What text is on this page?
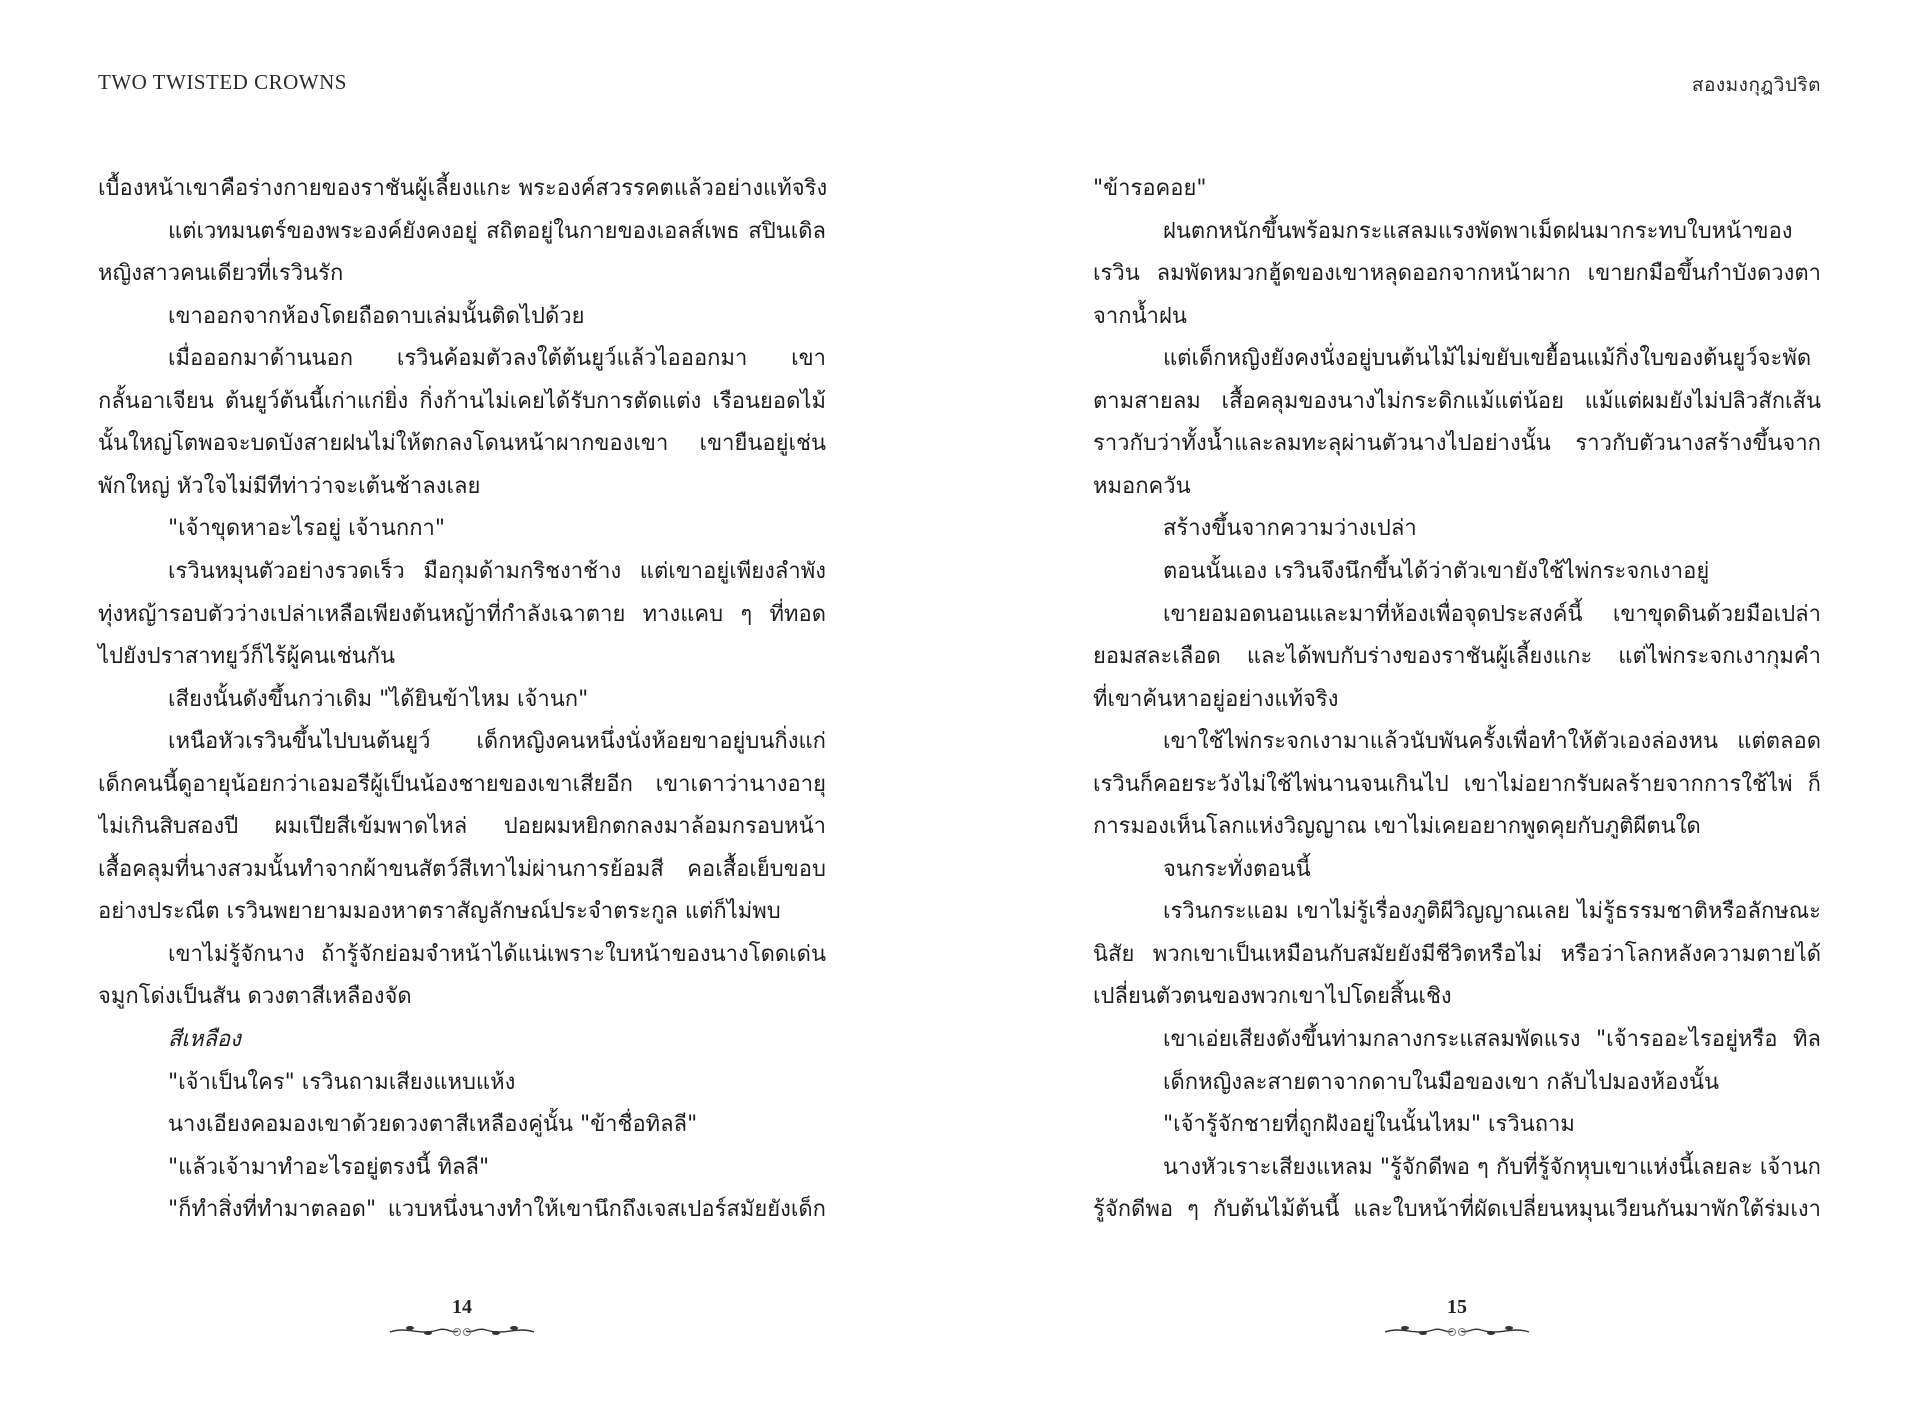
TWO TWISTED CROWNS
เบื้องหน้าเขาคือร่างกายของราชันผู้เลี้ยงแกะ พระองค์สวรรคตแล้วอย่างแท้จริง
แต่เวทมนตร์ของพระองค์ยังคงอยู่ สถิตอยู่ในกายของเอลส์เพธ สปินเดิล
หญิงสาวคนเดียวที่เรวินรัก
เขาออกจากห้องโดยถือดาบเล่มนั้นติดไปด้วย
เมื่อออกมาด้านนอก เรวินค้อมตัวลงใต้ต้นยูว์แล้วไอออกมา เขา
กลั้นอาเจียน ต้นยูว์ต้นนี้เก่าแก่ยิ่ง กิ่งก้านไม่เคยได้รับการตัดแต่ง เรือนยอดไม้
นั้นใหญ่โตพอจะบดบังสายฝนไม่ให้ตกลงโดนหน้าผากของเขา เขายืนอยู่เช่น
พักใหญ่ หัวใจไม่มีทีท่าว่าจะเต้นช้าลงเลย
"เจ้าขุดหาอะไรอยู่ เจ้านกกา"
เรวินหมุนตัวอย่างรวดเร็ว มือกุมด้ามกริชงาช้าง แต่เขาอยู่เพียงลำพัง
ทุ่งหญ้ารอบตัวว่างเปล่าเหลือเพียงต้นหญ้าที่กำลังเฉาตาย ทางแคบ ๆ ที่ทอด
ไปยังปราสาทยูว์ก็ไร้ผู้คนเช่นกัน
เสียงนั้นดังขึ้นกว่าเดิม "ได้ยินข้าไหม เจ้านก"
เหนือหัวเรวินขึ้นไปบนต้นยูว์ เด็กหญิงคนหนึ่งนั่งห้อยขาอยู่บนกิ่งแก่
เด็กคนนี้ดูอายุน้อยกว่าเอมอรีผู้เป็นน้องชายของเขาเสียอีก เขาเดาว่านางอายุ
ไม่เกินสิบสองปี ผมเปียสีเข้มพาดไหล่ ปอยผมหยิกตกลงมาล้อมกรอบหน้า
เสื้อคลุมที่นางสวมนั้นทำจากผ้าขนสัตว์สีเทาไม่ผ่านการย้อมสี คอเสื้อเย็บขอบ
อย่างประณีต เรวินพยายามมองหาตราสัญลักษณ์ประจำตระกูล แต่ก็ไม่พบ
เขาไม่รู้จักนาง ถ้ารู้จักย่อมจำหน้าได้แน่เพราะใบหน้าของนางโดดเด่น
จมูกโด่งเป็นสัน ดวงตาสีเหลืองจัด
สีเหลือง
"เจ้าเป็นใคร" เรวินถามเสียงแหบแห้ง
นางเอียงคอมองเขาด้วยดวงตาสีเหลืองคู่นั้น "ข้าชื่อทิลลี"
"แล้วเจ้ามาทำอะไรอยู่ตรงนี้ ทิลลี"
"ก็ทำสิ่งที่ทำมาตลอด" แวบหนึ่งนางทำให้เขานึกถึงเจสเปอร์สมัยยังเด็ก
14
สองมงกุฎวิปริต
"ข้ารอคอย"
ฝนตกหนักขึ้นพร้อมกระแสลมแรงพัดพาเม็ดฝนมากระทบใบหน้าของ
เรวิน ลมพัดหมวกฮู้ดของเขาหลุดออกจากหน้าผาก เขายกมือขึ้นกำบังดวงตา
จากน้ำฝน
แต่เด็กหญิงยังคงนั่งอยู่บนต้นไม้ไม่ขยับเขยื้อนแม้กิ่งใบของต้นยูว์จะพัด
ตามสายลม เสื้อคลุมของนางไม่กระดิกแม้แต่น้อย แม้แต่ผมยังไม่ปลิวสักเส้น
ราวกับว่าทั้งน้ำและลมทะลุผ่านตัวนางไปอย่างนั้น ราวกับตัวนางสร้างขึ้นจาก
หมอกควัน
สร้างขึ้นจากความว่างเปล่า
ตอนนั้นเอง เรวินจึงนึกขึ้นได้ว่าตัวเขายังใช้ไพ่กระจกเงาอยู่
เขายอมอดนอนและมาที่ห้องเพื่อจุดประสงค์นี้ เขาขุดดินด้วยมือเปล่า
ยอมสละเลือด และได้พบกับร่างของราชันผู้เลี้ยงแกะ แต่ไพ่กระจกเงากุมคำ
ที่เขาค้นหาอยู่อย่างแท้จริง
เขาใช้ไพ่กระจกเงามาแล้วนับพันครั้งเพื่อทำให้ตัวเองล่องหน แต่ตลอด
เรวินก็คอยระวังไม่ใช้ไพ่นานจนเกินไป เขาไม่อยากรับผลร้ายจากการใช้ไพ่ ก็
การมองเห็นโลกแห่งวิญญาณ เขาไม่เคยอยากพูดคุยกับภูติผีตนใด
จนกระทั่งตอนนี้
เรวินกระแอม เขาไม่รู้เรื่องภูติผีวิญญาณเลย ไม่รู้ธรรมชาติหรือลักษณะ
นิสัย พวกเขาเป็นเหมือนกับสมัยยังมีชีวิตหรือไม่ หรือว่าโลกหลังความตายได้
เปลี่ยนตัวตนของพวกเขาไปโดยสิ้นเชิง
เขาเอ่ยเสียงดังขึ้นท่ามกลางกระแสลมพัดแรง "เจ้ารออะไรอยู่หรือ ทิล
เด็กหญิงละสายตาจากดาบในมือของเขา กลับไปมองห้องนั้น
"เจ้ารู้จักชายที่ถูกฝังอยู่ในนั้นไหม" เรวินถาม
นางหัวเราะเสียงแหลม "รู้จักดีพอ ๆ กับที่รู้จักหุบเขาแห่งนี้เลยละ เจ้านก
รู้จักดีพอ ๆ กับต้นไม้ต้นนี้ และใบหน้าที่ผัดเปลี่ยนหมุนเวียนกันมาพักใต้ร่มเงา
15
